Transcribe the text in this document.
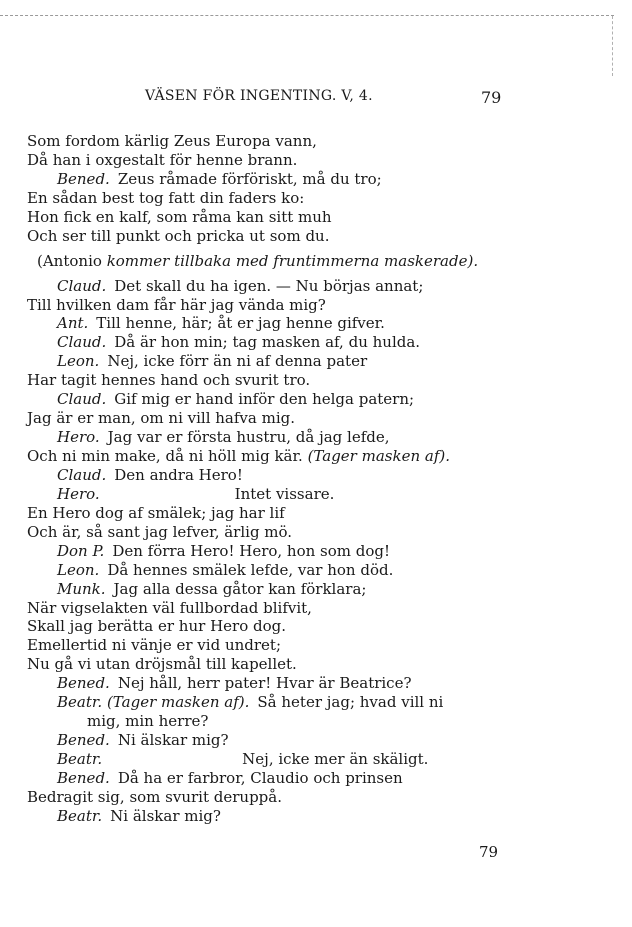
VÄSEN FÖR INGENTING. V, 4.	79
Som fordom kärlig Zeus Europa vann,
Då han i oxgestalt för henne brann.
Bened. Zeus råmade förföriskt, må du tro;
En sådan best tog fatt din faders ko:
Hon fick en kalf, som råma kan sitt muh
Och ser till punkt och pricka ut som du.
(Antonio kommer tillbaka med fruntimmerna maskerade).
Claud. Det skall du ha igen. — Nu börjas annat;
Till hvilken dam får här jag vända mig?
Ant. Till henne, här; åt er jag henne gifver.
Claud. Då är hon min; tag masken af, du hulda.
Leon. Nej, icke förr än ni af denna pater
Har tagit hennes hand och svurit tro.
Claud. Gif mig er hand inför den helga patern;
Jag är er man, om ni vill hafva mig.
Hero. Jag var er första hustru, då jag lefde,
Och ni min make, då ni höll mig kär. (Tager masken af).
Claud. Den andra Hero!
Hero.	Intet vissare.
En Hero dog af smälek; jag har lif
Och är, så sant jag lefver, ärlig mö.
Don P. Den förra Hero! Hero, hon som dog!
Leon. Då hennes smälek lefde, var hon död.
Munk. Jag alla dessa gåtor kan förklara;
När vigselakten väl fullbordad blifvit,
Skall jag berätta er hur Hero dog.
Emellertid ni vänje er vid undret;
Nu gå vi utan dröjsmål till kapellet.
Bened. Nej håll, herr pater! Hvar är Beatrice?
Beatr. (Tager masken af). Så heter jag; hvad vill ni
mig, min herre?
Bened. Ni älskar mig?
Beatr.	Nej, icke mer än skäligt.
Bened. Då ha er farbror, Claudio och prinsen
Bedragit sig, som svurit deruppå.
Beatr. Ni älskar mig?
79
